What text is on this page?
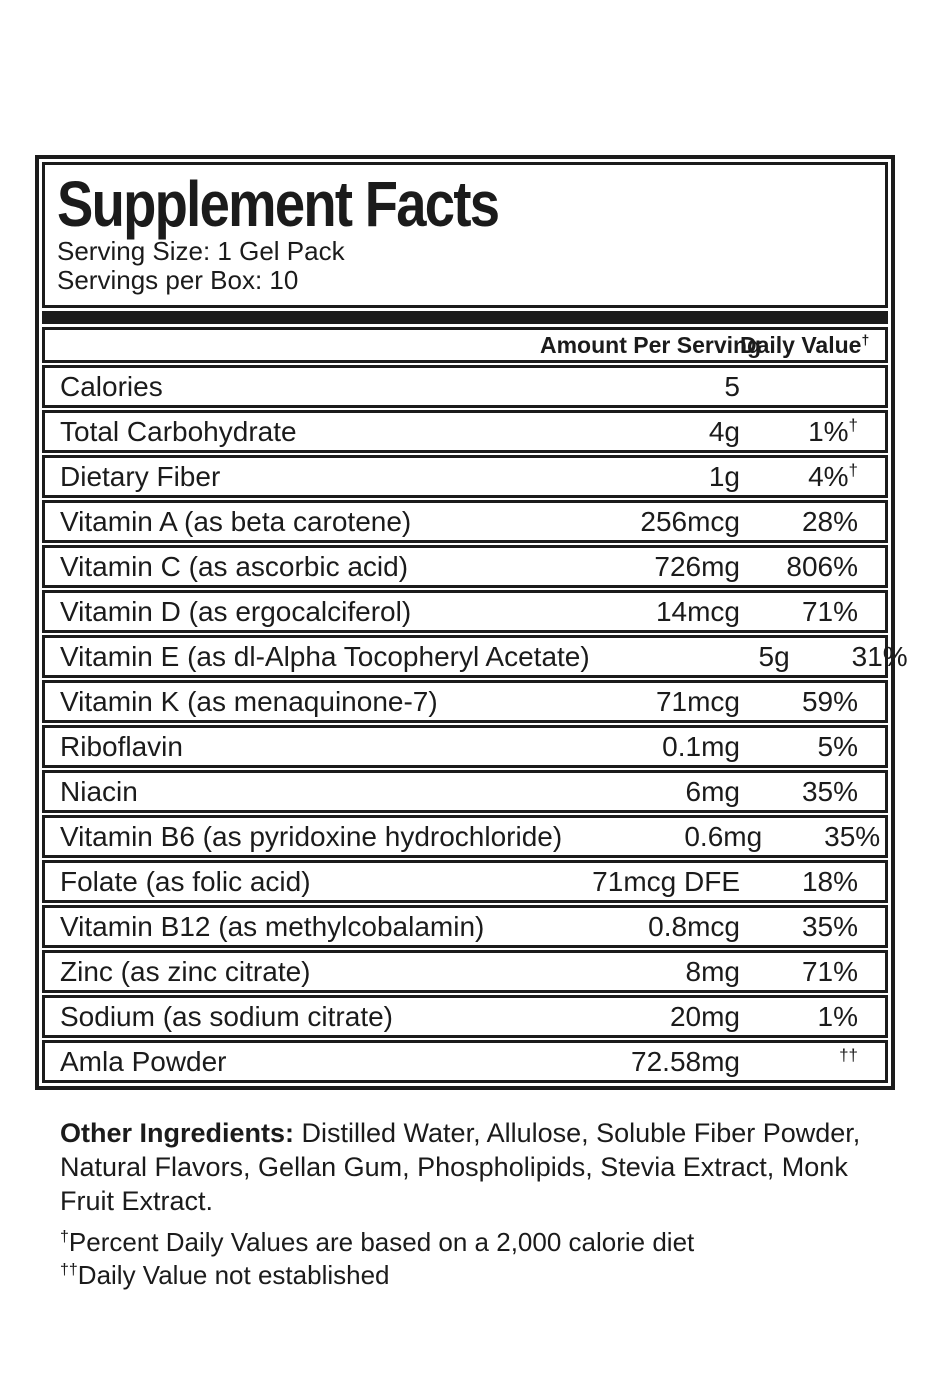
Supplement Facts
Serving Size: 1 Gel Pack
Servings per Box: 10
Amount Per Serving
Daily Value†
Calories	5
Total Carbohydrate	4g	1%†
Dietary Fiber	1g	4%†
Vitamin A (as beta carotene)	256mcg	28%
Vitamin C (as ascorbic acid)	726mg	806%
Vitamin D (as ergocalciferol)	14mcg	71%
Vitamin E (as dl-Alpha Tocopheryl Acetate)	5g	31%
Vitamin K (as menaquinone-7)	71mcg	59%
Riboflavin	0.1mg	5%
Niacin	6mg	35%
Vitamin B6 (as pyridoxine hydrochloride)	0.6mg	35%
Folate (as folic acid)	71mcg DFE	18%
Vitamin B12 (as methylcobalamin)	0.8mcg	35%
Zinc (as zinc citrate)	8mg	71%
Sodium (as sodium citrate)	20mg	1%
Amla Powder	72.58mg	††

Other Ingredients: Distilled Water, Allulose, Soluble Fiber Powder, Natural Flavors, Gellan Gum, Phospholipids, Stevia Extract, Monk Fruit Extract.

†Percent Daily Values are based on a 2,000 calorie diet

††Daily Value not established
